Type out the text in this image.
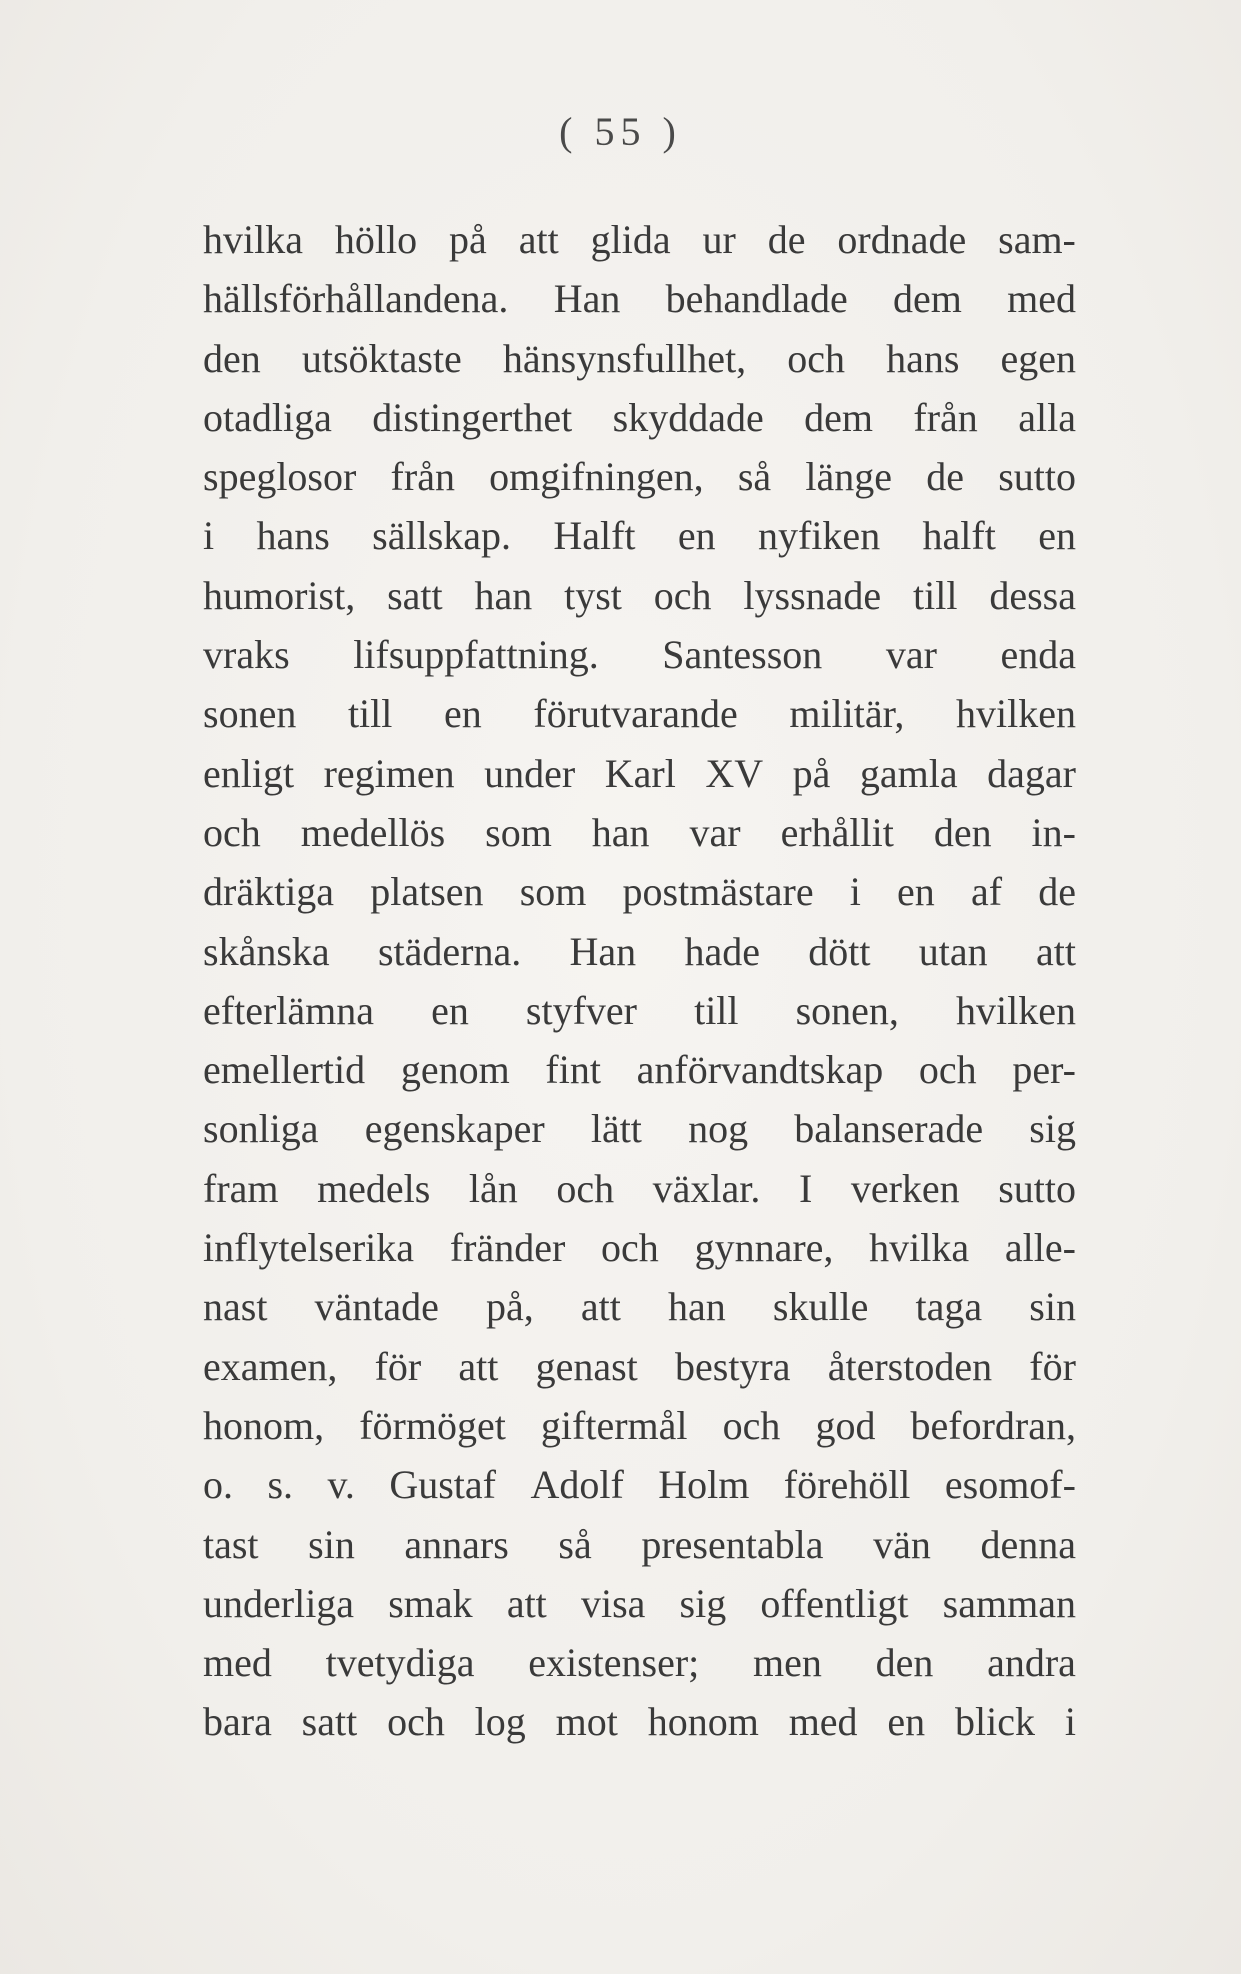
( 55 )
hvilka höllo på att glida ur de ordnade sam-
hällsförhållandena. Han behandlade dem med
den utsöktaste hänsynsfullhet, och hans egen
otadliga distingerthet skyddade dem från alla
speglosor från omgifningen, så länge de sutto
i hans sällskap. Halft en nyfiken halft en
humorist, satt han tyst och lyssnade till dessa
vraks lifsuppfattning. Santesson var enda
sonen till en förutvarande militär, hvilken
enligt regimen under Karl XV på gamla dagar
och medellös som han var erhållit den in-
dräktiga platsen som postmästare i en af de
skånska städerna. Han hade dött utan att
efterlämna en styfver till sonen, hvilken
emellertid genom fint anförvandtskap och per-
sonliga egenskaper lätt nog balanserade sig
fram medels lån och växlar. I verken sutto
inflytelserika fränder och gynnare, hvilka alle-
nast väntade på, att han skulle taga sin
examen, för att genast bestyra återstoden för
honom, förmöget giftermål och god befordran,
o. s. v. Gustaf Adolf Holm förehöll esomof-
tast sin annars så presentabla vän denna
underliga smak att visa sig offentligt samman
med tvetydiga existenser; men den andra
bara satt och log mot honom med en blick i
